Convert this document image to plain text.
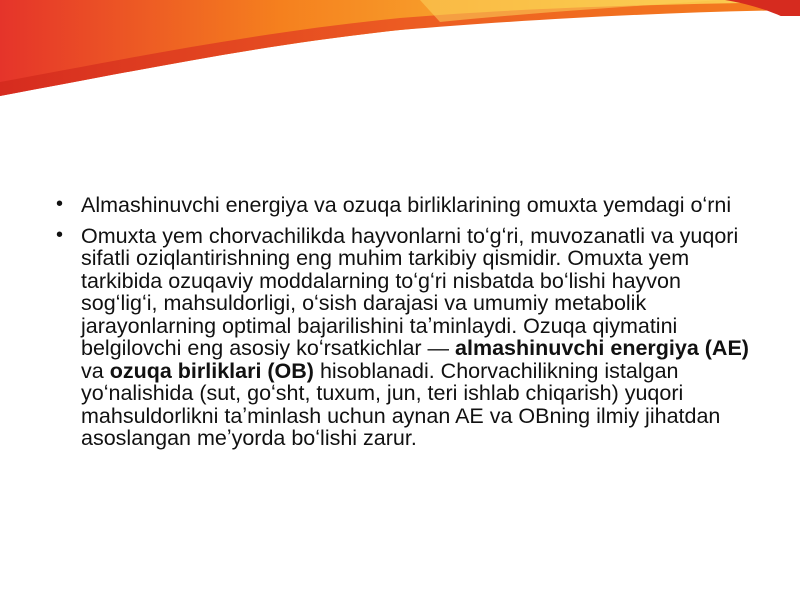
• Almashinuvchi energiya va ozuqa birliklarining omuxta yemdagi oʻrni
• Omuxta yem chorvachilikda hayvonlarni toʻgʻri, muvozanatli va yuqori sifatli oziqlantirishning eng muhim tarkibiy qismidir. Omuxta yem tarkibida ozuqaviy moddalarning toʻgʻri nisbatda boʻlishi hayvon sogʻligʻi, mahsuldorligi, oʻsish darajasi va umumiy metabolik jarayonlarning optimal bajarilishini taʼminlaydi. Ozuqa qiymatini belgilovchi eng asosiy koʻrsatkichlar — almashinuvchi energiya (AE) va ozuqa birliklari (OB) hisoblanadi. Chorvachilikning istalgan yoʻnalishida (sut, goʻsht, tuxum, jun, teri ishlab chiqarish) yuqori mahsuldorlikni taʼminlash uchun aynan AE va OBning ilmiy jihatdan asoslangan meʼyorda boʻlishi zarur.
